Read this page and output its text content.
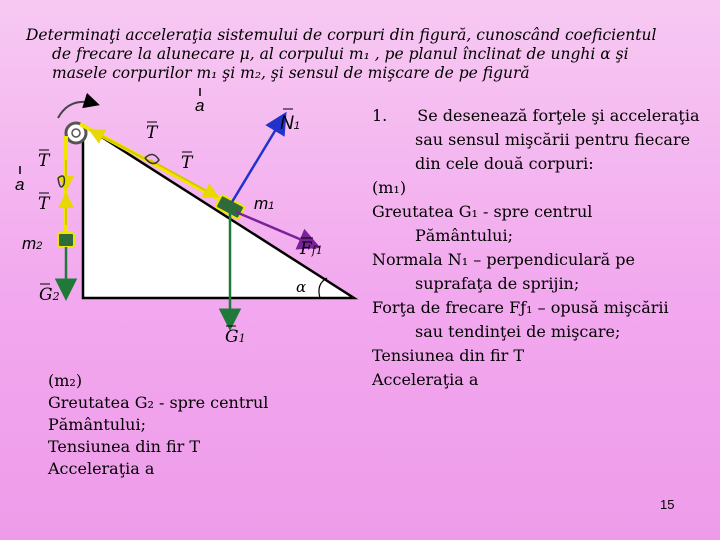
Determinaţi acceleraţia sistemului de corpuri din figură, cunoscând coeficientul
de frecare la alunecare μ, al corpului m₁ , pe planul înclinat de unghi α şi
masele corpurilor m₁ şi m₂, şi sensul de mişcare de pe figură
a
N1
T
T
T
T
a
m1
m2	Ff1
G2
G1
α
1. Se desenează forţele şi acceleraţia
sau sensul mişcării pentru fiecare
din cele două corpuri:
(m₁)
Greutatea G₁ - spre centrul
Pământului;
Normala N₁ – perpendiculară pe
suprafaţa de sprijin;
Forţa de frecare Fƒ₁ – opusă mişcării
sau tendinţei de mişcare;
Tensiunea din fir T
Acceleraţia a
(m₂)
Greutatea G₂ - spre centrul
Pământului;
Tensiunea din fir T
Acceleraţia a
15
